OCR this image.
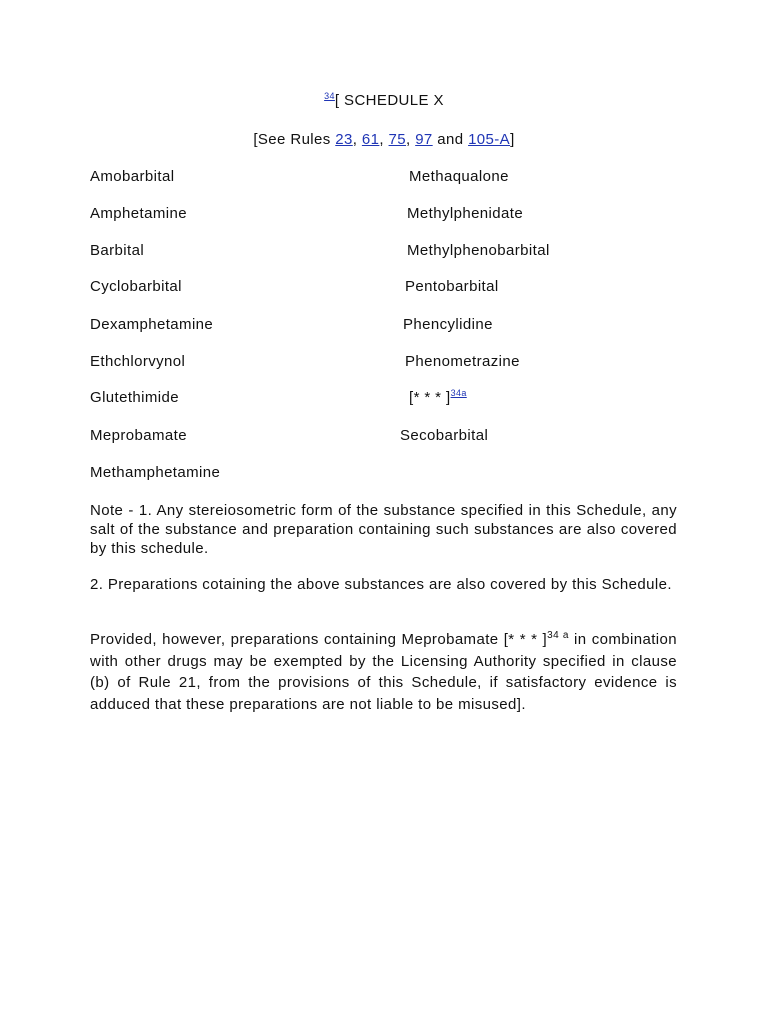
$^{34}$[ SCHEDULE X
[See Rules 23, 61, 75, 97 and 105-A]
Amobarbital
Amphetamine
Barbital
Cyclobarbital
Dexamphetamine
Ethchlorvynol
Glutethimide
Meprobamate
Methamphetamine
Methaqualone
Methylphenidate
Methylphenobarbital
Pentobarbital
Phencylidine
Phenometrazine
[* * * ]$^{34a}$
Secobarbital
Note - 1. Any stereiosometric form of the substance specified in this Schedule, any salt of the substance and preparation containing such substances are also covered by this schedule.
2. Preparations cotaining the above substances are also covered by this Schedule.
Provided, however, preparations containing Meprobamate [* * * ]$^{34 a}$ in combination with other drugs may be exempted by the Licensing Authority specified in clause (b) of Rule 21, from the provisions of this Schedule, if satisfactory evidence is adduced that these preparations are not liable to be misused].
